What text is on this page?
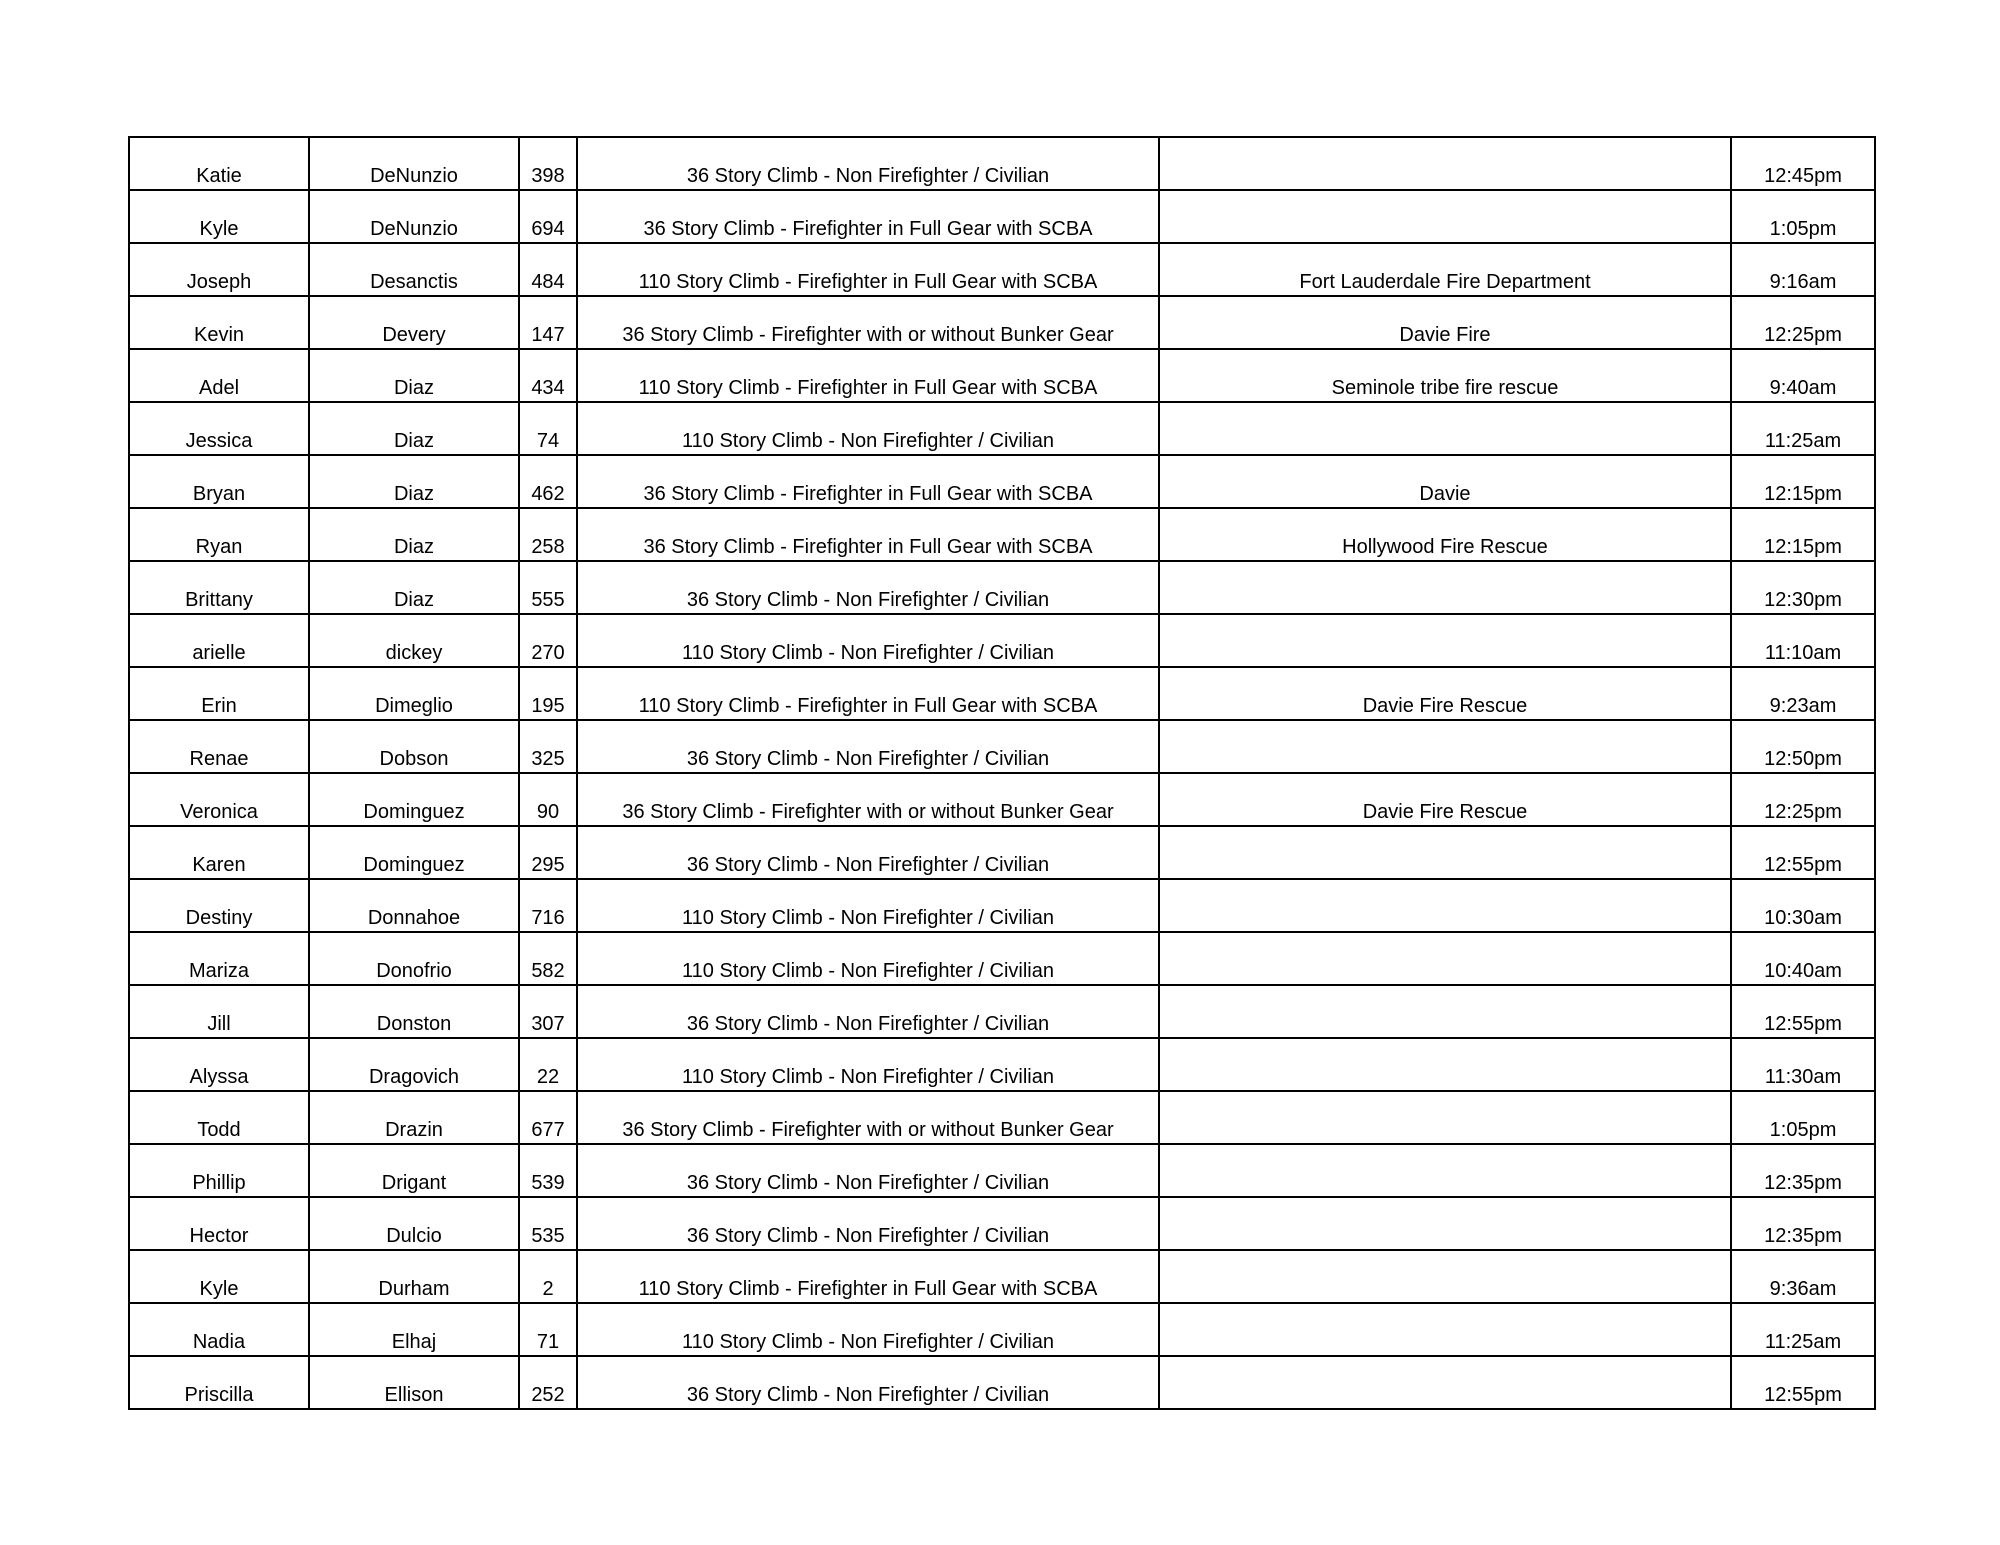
Katie	DeNunzio	398	36 Story Climb - Non Firefighter / Civilian		12:45pm
Kyle	DeNunzio	694	36 Story Climb - Firefighter in Full Gear with SCBA		1:05pm
Joseph	Desanctis	484	110 Story Climb - Firefighter in Full Gear with SCBA	Fort Lauderdale Fire Department	9:16am
Kevin	Devery	147	36 Story Climb - Firefighter with or without Bunker Gear	Davie Fire	12:25pm
Adel	Diaz	434	110 Story Climb - Firefighter in Full Gear with SCBA	Seminole tribe fire rescue	9:40am
Jessica	Diaz	74	110 Story Climb - Non Firefighter / Civilian		11:25am
Bryan	Diaz	462	36 Story Climb - Firefighter in Full Gear with SCBA	Davie	12:15pm
Ryan	Diaz	258	36 Story Climb - Firefighter in Full Gear with SCBA	Hollywood Fire Rescue	12:15pm
Brittany	Diaz	555	36 Story Climb - Non Firefighter / Civilian		12:30pm
arielle	dickey	270	110 Story Climb - Non Firefighter / Civilian		11:10am
Erin	Dimeglio	195	110 Story Climb - Firefighter in Full Gear with SCBA	Davie Fire Rescue	9:23am
Renae	Dobson	325	36 Story Climb - Non Firefighter / Civilian		12:50pm
Veronica	Dominguez	90	36 Story Climb - Firefighter with or without Bunker Gear	Davie Fire Rescue	12:25pm
Karen	Dominguez	295	36 Story Climb - Non Firefighter / Civilian		12:55pm
Destiny	Donnahoe	716	110 Story Climb - Non Firefighter / Civilian		10:30am
Mariza	Donofrio	582	110 Story Climb - Non Firefighter / Civilian		10:40am
Jill	Donston	307	36 Story Climb - Non Firefighter / Civilian		12:55pm
Alyssa	Dragovich	22	110 Story Climb - Non Firefighter / Civilian		11:30am
Todd	Drazin	677	36 Story Climb - Firefighter with or without Bunker Gear		1:05pm
Phillip	Drigant	539	36 Story Climb - Non Firefighter / Civilian		12:35pm
Hector	Dulcio	535	36 Story Climb - Non Firefighter / Civilian		12:35pm
Kyle	Durham	2	110 Story Climb - Firefighter in Full Gear with SCBA		9:36am
Nadia	Elhaj	71	110 Story Climb - Non Firefighter / Civilian		11:25am
Priscilla	Ellison	252	36 Story Climb - Non Firefighter / Civilian		12:55pm
